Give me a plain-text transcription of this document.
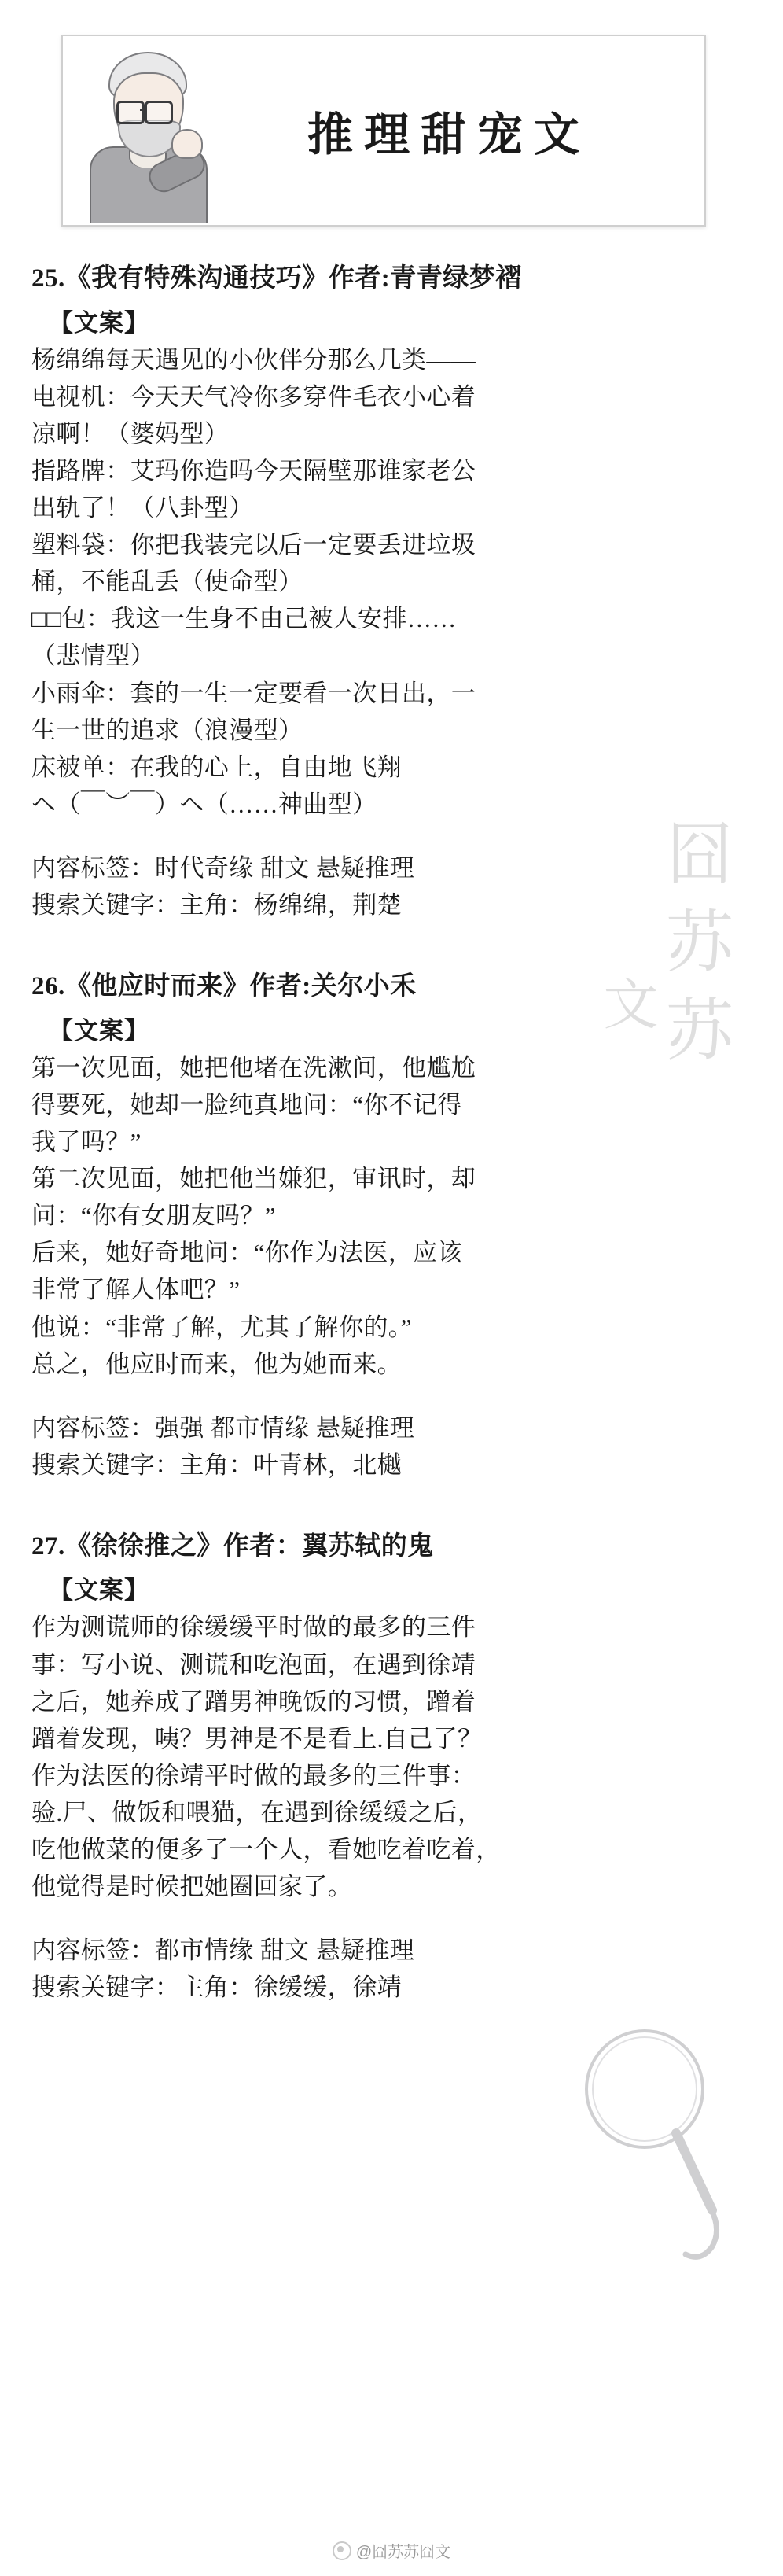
推理甜宠文
囧苏苏
文
25.《我有特殊沟通技巧》作者:青青绿梦褶
【文案】

杨绵绵每天遇见的小伙伴分那么几类——

电视机：今天天气冷你多穿件毛衣小心着

凉啊！（婆妈型）

指路牌：艾玛你造吗今天隔壁那谁家老公

出轨了！（八卦型）

塑料袋：你把我装完以后一定要丢进垃圾

桶，不能乱丢（使命型）

□□包：我这一生身不由己被人安排……

（悲情型）

小雨伞：套的一生一定要看一次日出，一

生一世的追求（浪漫型）

床被单：在我的心上，自由地飞翔

ヘ（￣︶￣）ヘ（……神曲型）

内容标签：时代奇缘 甜文 悬疑推理

搜索关键字：主角：杨绵绵，荆楚

26.《他应时而来》作者:关尔小禾
【文案】

第一次见面，她把他堵在洗漱间，他尴尬

得要死，她却一脸纯真地问：“你不记得

我了吗？”

第二次见面，她把他当嫌犯，审讯时，却

问：“你有女朋友吗？”

后来，她好奇地问：“你作为法医，应该

非常了解人体吧？”

他说：“非常了解，尤其了解你的。”

总之，他应时而来，他为她而来。

内容标签：强强 都市情缘 悬疑推理

搜索关键字：主角：叶青林，北樾

27.《徐徐推之》作者：翼苏轼的鬼
【文案】

作为测谎师的徐缓缓平时做的最多的三件

事：写小说、测谎和吃泡面，在遇到徐靖

之后，她养成了蹭男神晚饭的习惯，蹭着

蹭着发现，咦？男神是不是看上.自己了？

作为法医的徐靖平时做的最多的三件事：

验.尸、做饭和喂猫，在遇到徐缓缓之后，

吃他做菜的便多了一个人，看她吃着吃着，

他觉得是时候把她圈回家了。

内容标签：都市情缘 甜文 悬疑推理

搜索关键字：主角：徐缓缓，徐靖

@囧苏苏囧文
